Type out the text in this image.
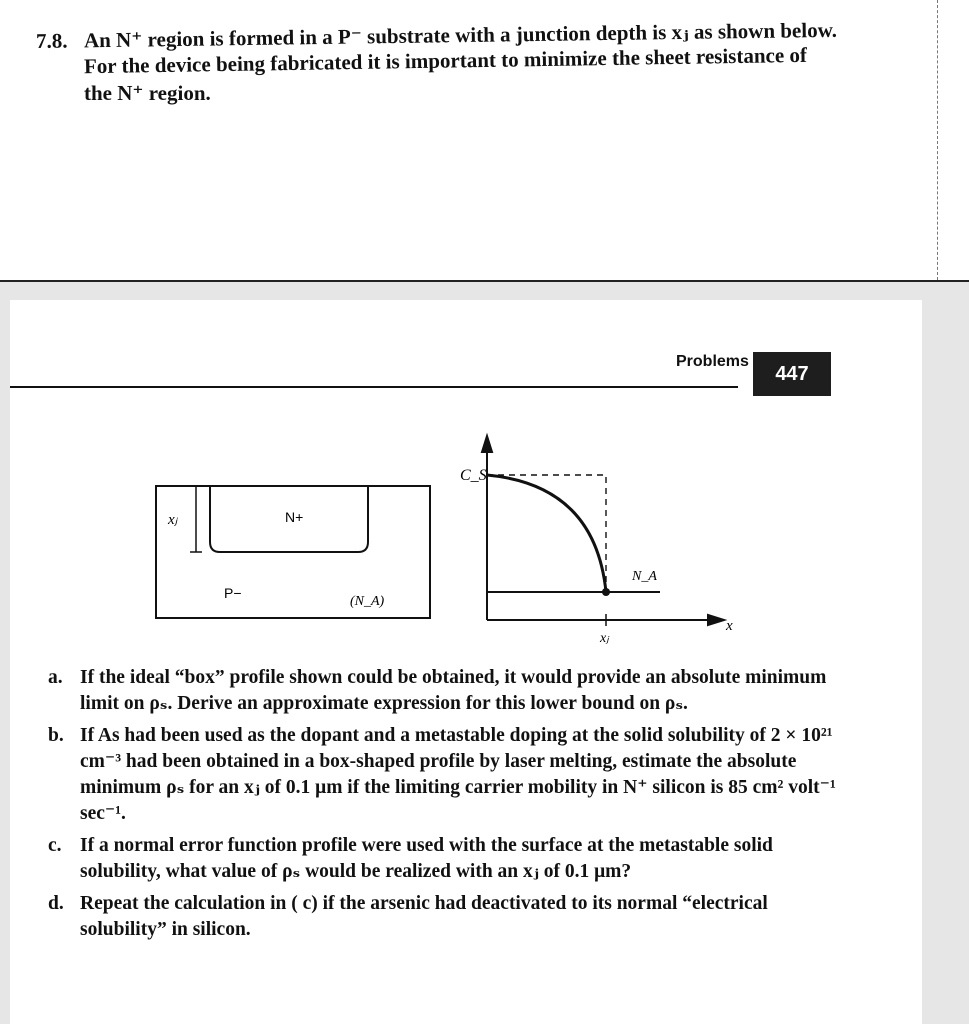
7.8. An N⁺ region is formed in a P⁻ substrate with a junction depth is xⱼ as shown below.
For the device being fabricated it is important to minimize the sheet resistance of
the N⁺ region.
Problems
447
xⱼ	N+
P−
(N_A)
C_S
N_A
x
xⱼ
a. If the ideal “box” profile shown could be obtained, it would provide an absolute minimum limit on ρₛ. Derive an approximate expression for this lower bound on ρₛ.
b. If As had been used as the dopant and a metastable doping at the solid solubility of 2 × 10²¹ cm⁻³ had been obtained in a box-shaped profile by laser melting, estimate the absolute minimum ρₛ for an xⱼ of 0.1 μm if the limiting carrier mobility in N⁺ silicon is 85 cm² volt⁻¹ sec⁻¹.
c. If a normal error function profile were used with the surface at the metastable solid solubility, what value of ρₛ would be realized with an xⱼ of 0.1 μm?
d. Repeat the calculation in ( c) if the arsenic had deactivated to its normal “electrical solubility” in silicon.
